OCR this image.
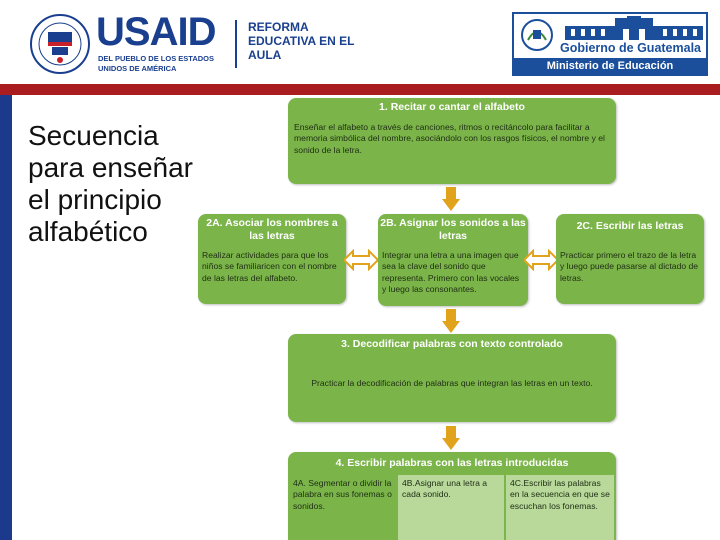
USAID
DEL PUEBLO DE LOS ESTADOS UNIDOS DE AMÉRICA
REFORMA EDUCATIVA EN EL AULA	Gobierno de Guatemala
Ministerio de Educación
Secuencia para enseñar el principio alfabético
1. Recitar o cantar el alfabeto
Enseñar el alfabeto a través de canciones, ritmos o recitáncolo para facilitar a memoria simbólica del nombre, asociándolo con los rasgos físicos, el nombre y el sonido de la letra.
2A. Asociar los nombres a las letras
Realizar actividades para que los niños se familiaricen con el nombre de las letras del alfabeto.
2B. Asignar los sonidos a las letras
Integrar una letra a una imagen que sea la clave del sonido que representa. Primero con las vocales y luego las consonantes.
2C. Escribir las letras
Practicar primero el trazo de la letra y luego puede pasarse al dictado de letras.
3. Decodificar palabras con texto controlado
Practicar la decodificación de palabras que integran las letras en un texto.
4. Escribir palabras con las letras introducidas
4A. Segmentar o dividir la palabra en sus fonemas o sonidos.
4B.Asignar una letra a cada sonido.
4C.Escribir las palabras en la secuencia en que se escuchan los fonemas.
